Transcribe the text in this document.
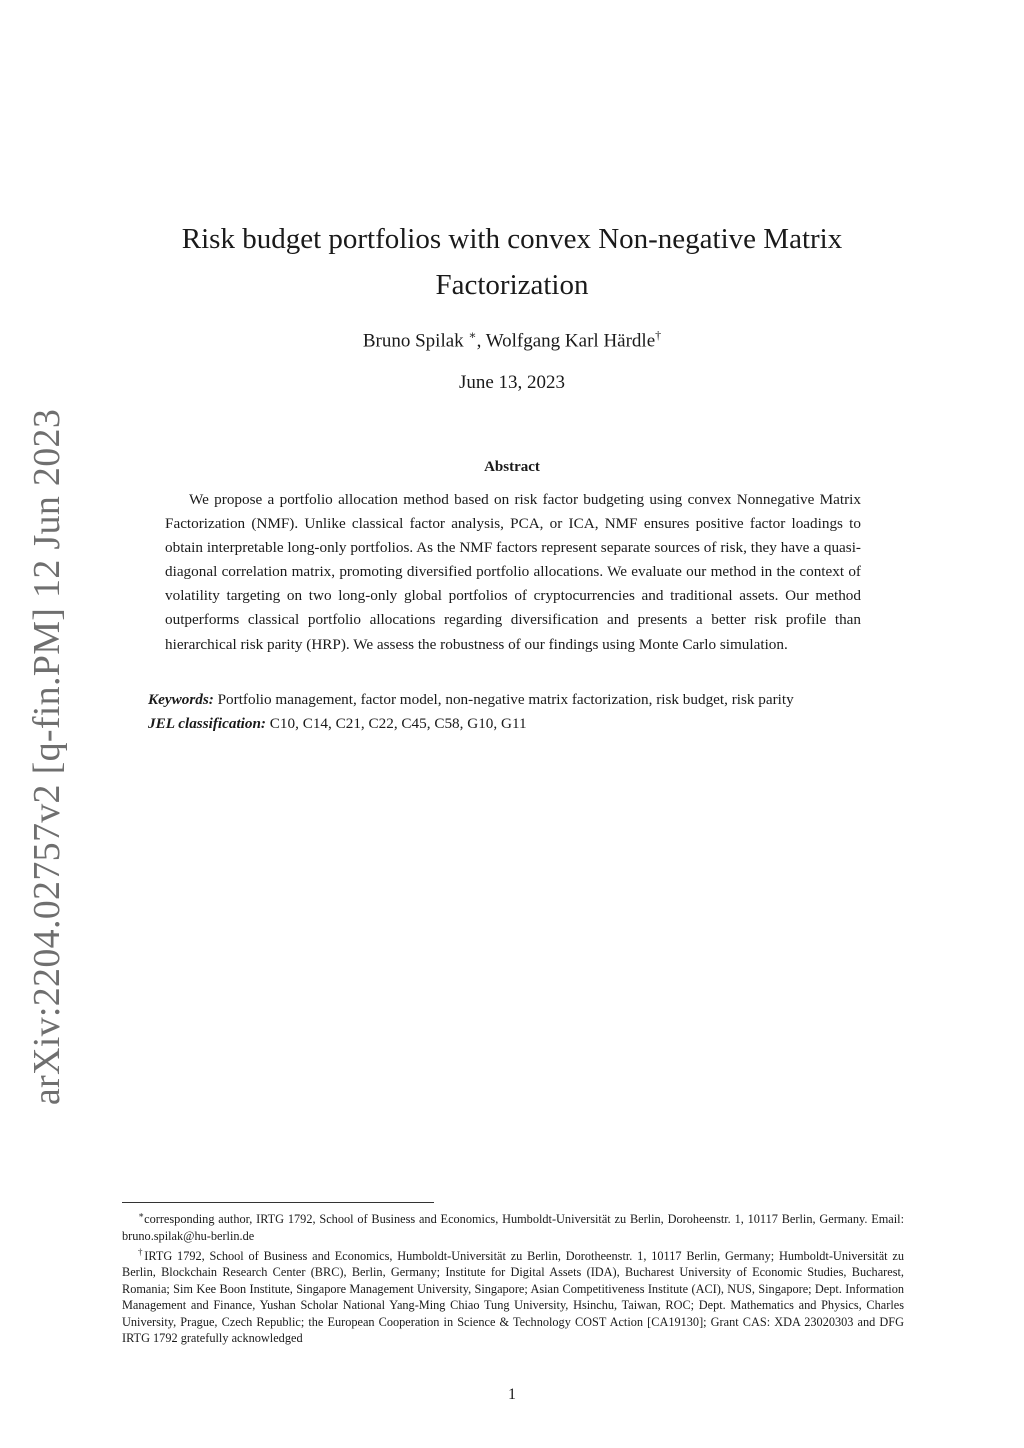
arXiv:2204.02757v2 [q-fin.PM] 12 Jun 2023
Risk budget portfolios with convex Non-negative Matrix
Factorization
Bruno Spilak ∗, Wolfgang Karl Härdle†
June 13, 2023
Abstract

We propose a portfolio allocation method based on risk factor budgeting using convex Nonnegative Matrix Factorization (NMF). Unlike classical factor analysis, PCA, or ICA, NMF ensures positive factor loadings to obtain interpretable long-only portfolios. As the NMF factors represent separate sources of risk, they have a quasi-diagonal correlation matrix, promoting diversified portfolio allocations. We evaluate our method in the context of volatility targeting on two long-only global portfolios of cryptocurrencies and traditional assets. Our method outperforms classical portfolio allocations regarding diversification and presents a better risk profile than hierarchical risk parity (HRP). We assess the robustness of our findings using Monte Carlo simulation.

Keywords: Portfolio management, factor model, non-negative matrix factorization, risk budget, risk parity
JEL classification: C10, C14, C21, C22, C45, C58, G10, G11

∗corresponding author, IRTG 1792, School of Business and Economics, Humboldt-Universität zu Berlin, Doroheenstr. 1, 10117 Berlin, Germany. Email: bruno.spilak@hu-berlin.de

†IRTG 1792, School of Business and Economics, Humboldt-Universität zu Berlin, Dorotheenstr. 1, 10117 Berlin, Germany; Humboldt-Universität zu Berlin, Blockchain Research Center (BRC), Berlin, Germany; Institute for Digital Assets (IDA), Bucharest University of Economic Studies, Bucharest, Romania; Sim Kee Boon Institute, Singapore Management University, Singapore; Asian Competitiveness Institute (ACI), NUS, Singapore; Dept. Information Management and Finance, Yushan Scholar National Yang-Ming Chiao Tung University, Hsinchu, Taiwan, ROC; Dept. Mathematics and Physics, Charles University, Prague, Czech Republic; the European Cooperation in Science & Technology COST Action [CA19130]; Grant CAS: XDA 23020303 and DFG IRTG 1792 gratefully acknowledged

1
